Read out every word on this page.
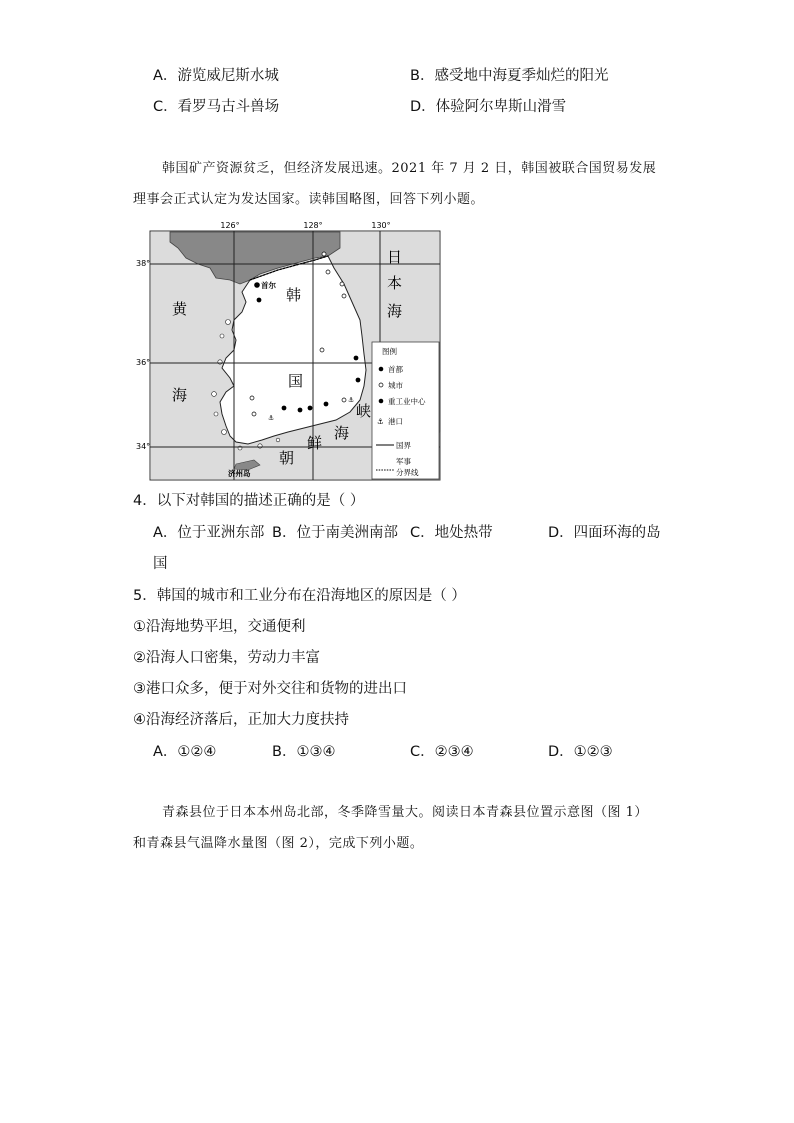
A．游览威尼斯水城	B．感受地中海夏季灿烂的阳光
C．看罗马古斗兽场	D．体验阿尔卑斯山滑雪
韩国矿产资源贫乏，但经济发展迅速。2021 年 7 月 2 日，韩国被联合国贸易发展
理事会正式认定为发达国家。读韩国略图，回答下列小题。
126°	128°	130°
38°
36°
34°
黄
海
日
本
海
朝
鲜
海
峡
韩
国
首尔
⚓
⚓
济州岛
图例
首都
城市
重工业中心
⚓ 港口
国界
军事
分界线
4．以下对韩国的描述正确的是（ ）
A．位于亚洲东部 B．位于南美洲南部 C．地处热带	D．四面环海的岛
国
5．韩国的城市和工业分布在沿海地区的原因是（ ）
①沿海地势平坦，交通便利
②沿海人口密集，劳动力丰富
③港口众多，便于对外交往和货物的进出口
④沿海经济落后，正加大力度扶持
A．①②④	B．①③④	C．②③④	D．①②③
青森县位于日本本州岛北部，冬季降雪量大。阅读日本青森县位置示意图（图 1）
和青森县气温降水量图（图 2），完成下列小题。
